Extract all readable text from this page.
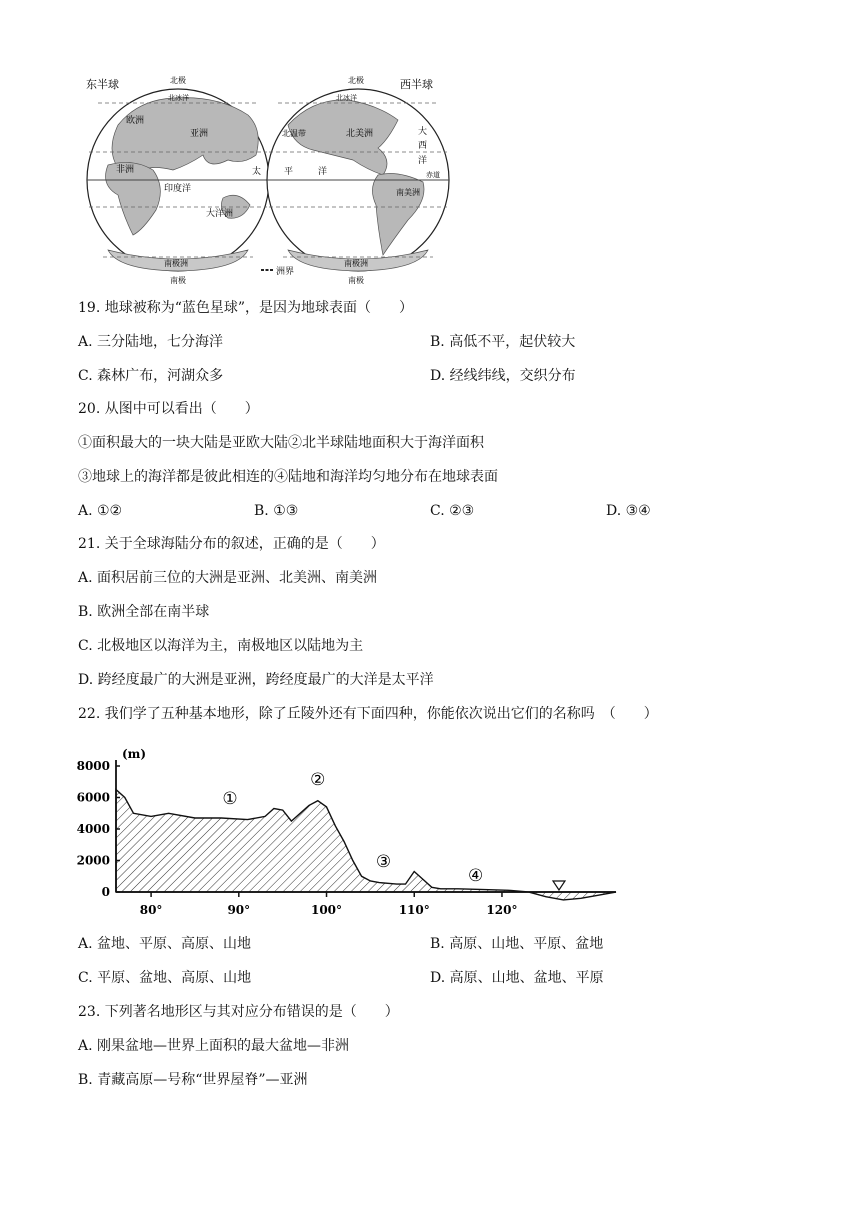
东半球	西半球
北极	北极
北冰洋	北冰洋
欧洲
亚洲
非洲
印度洋
太
大洋洲
平	洋
北温带	北美洲	大
西
洋
赤道
南美洲
南极洲	南极洲
南极	南极
洲界
19. 地球被称为“蓝色星球”，是因为地球表面（　　）
A. 三分陆地，七分海洋	B. 高低不平，起伏较大
C. 森林广布，河湖众多	D. 经线纬线，交织分布
20. 从图中可以看出（　　）
①面积最大的一块大陆是亚欧大陆②北半球陆地面积大于海洋面积
③地球上的海洋都是彼此相连的④陆地和海洋均匀地分布在地球表面
A. ①②	B. ①③	C. ②③	D. ③④
21. 关于全球海陆分布的叙述，正确的是（　　）
A. 面积居前三位的大洲是亚洲、北美洲、南美洲
B. 欧洲全部在南半球
C. 北极地区以海洋为主，南极地区以陆地为主
D. 跨经度最广的大洲是亚洲，跨经度最广的大洋是太平洋
22. 我们学了五种基本地形，除了丘陵外还有下面四种，你能依次说出它们的名称吗　（　　）
(m)
8000
6000
4000
2000
0
80°	90°	100°	110°	120°
①
②
③
④
A. 盆地、平原、高原、山地	B. 高原、山地、平原、盆地
C. 平原、盆地、高原、山地	D. 高原、山地、盆地、平原
23. 下列著名地形区与其对应分布错误的是（　　）
A. 刚果盆地—世界上面积的最大盆地—非洲
B. 青藏高原—号称“世界屋脊”—亚洲
